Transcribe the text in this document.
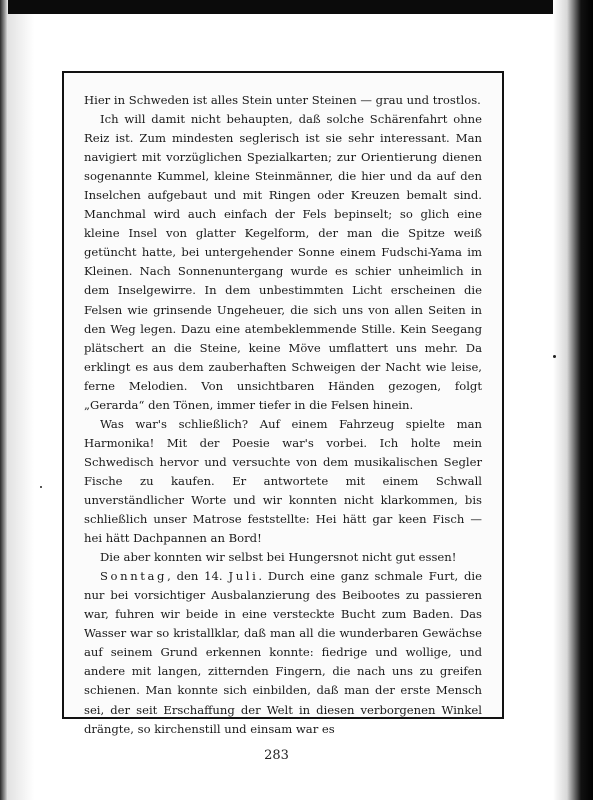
Hier in Schweden ist alles Stein unter Steinen — grau und trostlos.

Ich will damit nicht behaupten, daß solche Schärenfahrt ohne Reiz ist. Zum mindesten seglerisch ist sie sehr interessant. Man navigiert mit vorzüglichen Spezialkarten; zur Orientierung dienen sogenannte Kummel, kleine Steinmänner, die hier und da auf den Inselchen aufgebaut und mit Ringen oder Kreuzen bemalt sind. Manchmal wird auch einfach der Fels bepinselt; so glich eine kleine Insel von glatter Kegelform, der man die Spitze weiß getüncht hatte, bei untergehender Sonne einem Fudschi-Yama im Kleinen. Nach Sonnenuntergang wurde es schier unheimlich in dem Inselgewirre. In dem unbestimmten Licht erscheinen die Felsen wie grinsende Ungeheuer, die sich uns von allen Seiten in den Weg legen. Dazu eine atembeklemmende Stille. Kein Seegang plätschert an die Steine, keine Möve umflattert uns mehr. Da erklingt es aus dem zauberhaften Schweigen der Nacht wie leise, ferne Melodien. Von unsichtbaren Händen gezogen, folgt „Gerarda“ den Tönen, immer tiefer in die Felsen hinein.

Was war's schließlich? Auf einem Fahrzeug spielte man Harmonika! Mit der Poesie war's vorbei. Ich holte mein Schwedisch hervor und versuchte von dem musikalischen Segler Fische zu kaufen. Er antwortete mit einem Schwall unverständlicher Worte und wir konnten nicht klarkommen, bis schließlich unser Matrose feststellte: Hei hätt gar keen Fisch — hei hätt Dachpannen an Bord!

Die aber konnten wir selbst bei Hungersnot nicht gut essen!

Sonntag, den 14. Juli. Durch eine ganz schmale Furt, die nur bei vorsichtiger Ausbalanzierung des Beibootes zu passieren war, fuhren wir beide in eine versteckte Bucht zum Baden. Das Wasser war so kristallklar, daß man all die wunderbaren Gewächse auf seinem Grund erkennen konnte: fiedrige und wollige, und andere mit langen, zitternden Fingern, die nach uns zu greifen schienen. Man konnte sich einbilden, daß man der erste Mensch sei, der seit Erschaffung der Welt in diesen verborgenen Winkel drängte, so kirchenstill und einsam war es

283
